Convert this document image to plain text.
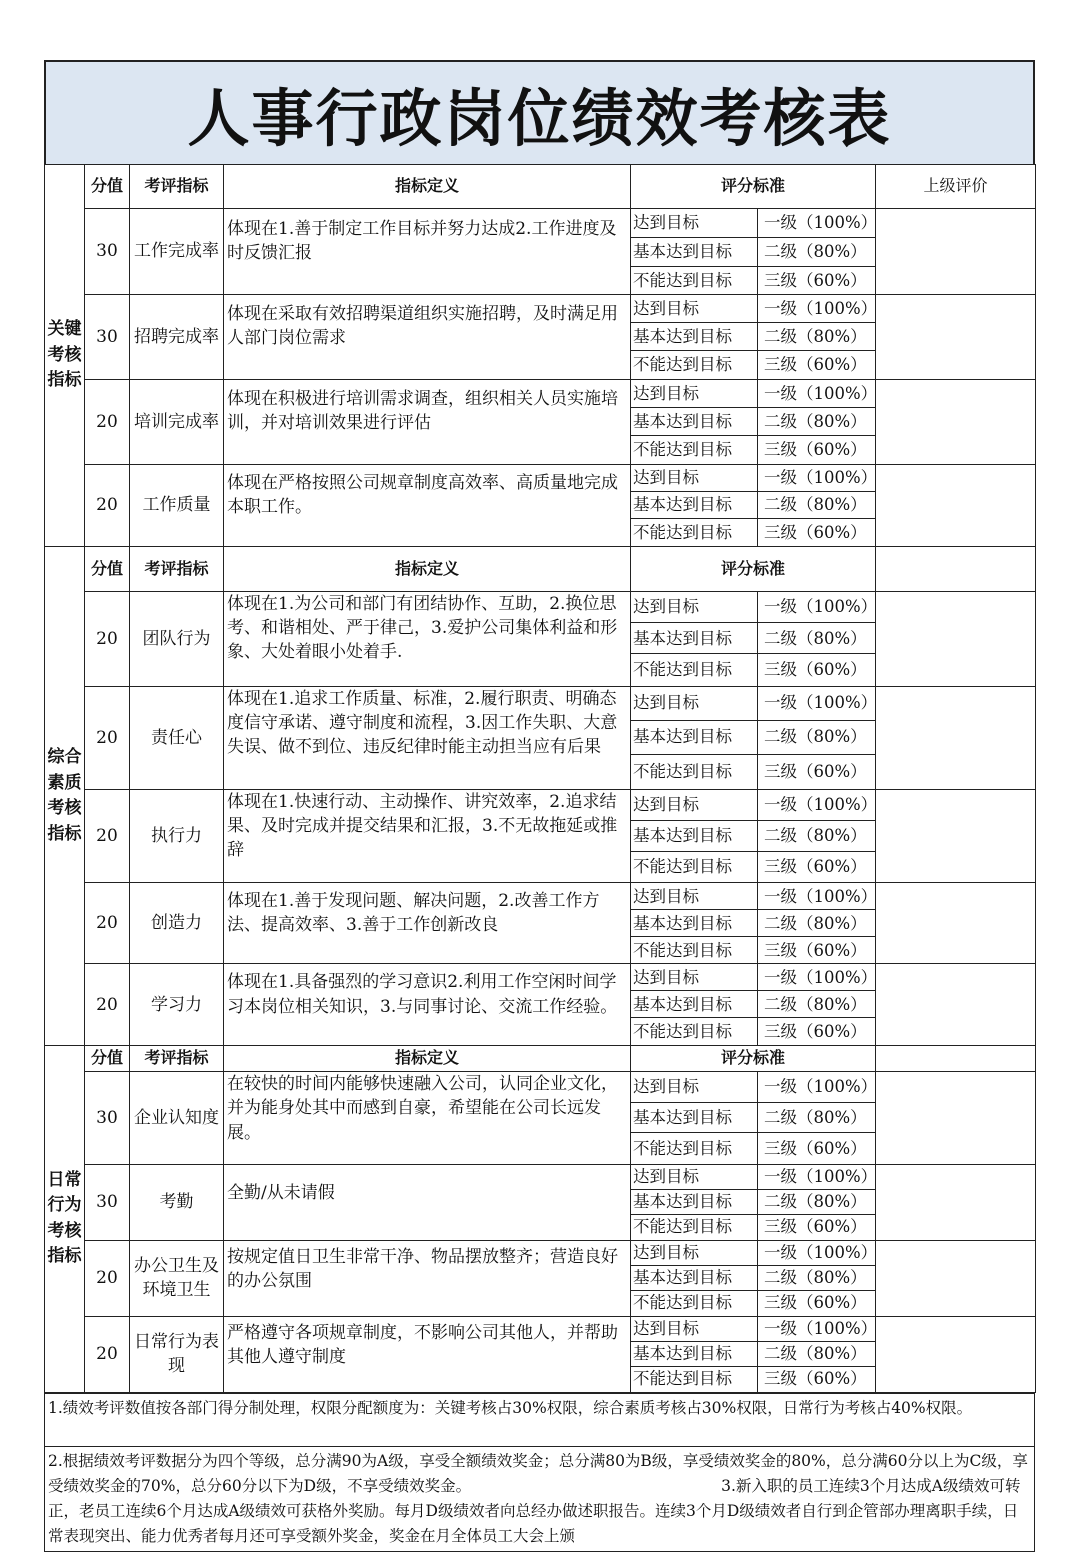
人事行政岗位绩效考核表
关键
考核
指标	分值	考评指标	指标定义	评分标准		上级评价
	30	工作完成率	体现在1.善于制定工作目标并努力达成2.工作进度及时反馈汇报	达到目标	一级（100%）	
				基本达到目标	二级（80%）	
				不能达到目标	三级（60%）	
	30	招聘完成率	体现在采取有效招聘渠道组织实施招聘，及时满足用人部门岗位需求	达到目标	一级（100%）	
				基本达到目标	二级（80%）	
				不能达到目标	三级（60%）	
	20	培训完成率	体现在积极进行培训需求调查，组织相关人员实施培训，并对培训效果进行评估	达到目标	一级（100%）	
				基本达到目标	二级（80%）	
				不能达到目标	三级（60%）	
	20	工作质量	体现在严格按照公司规章制度高效率、高质量地完成本职工作。	达到目标	一级（100%）	
				基本达到目标	二级（80%）	
				不能达到目标	三级（60%）	
综合
素质
考核
指标	分值	考评指标	指标定义	评分标准		
	20	团队行为	体现在1.为公司和部门有团结协作、互助，2.换位思考、和谐相处、严于律己，3.爱护公司集体利益和形象、大处着眼小处着手.	达到目标	一级（100%）	
				基本达到目标	二级（80%）	
				不能达到目标	三级（60%）	
	20	责任心	体现在1.追求工作质量、标准，2.履行职责、明确态度信守承诺、遵守制度和流程，3.因工作失职、大意失误、做不到位、违反纪律时能主动担当应有后果	达到目标	一级（100%）	
				基本达到目标	二级（80%）	
				不能达到目标	三级（60%）	
	20	执行力	体现在1.快速行动、主动操作、讲究效率，2.追求结果、及时完成并提交结果和汇报，3.不无故拖延或推辞	达到目标	一级（100%）	
				基本达到目标	二级（80%）	
				不能达到目标	三级（60%）	
	20	创造力	体现在1.善于发现问题、解决问题，2.改善工作方法、提高效率、3.善于工作创新改良	达到目标	一级（100%）	
				基本达到目标	二级（80%）	
				不能达到目标	三级（60%）	
	20	学习力	体现在1.具备强烈的学习意识2.利用工作空闲时间学习本岗位相关知识，3.与同事讨论、交流工作经验。	达到目标	一级（100%）	
				基本达到目标	二级（80%）	
				不能达到目标	三级（60%）	
日常
行为
考核
指标	分值	考评指标	指标定义	评分标准		
	30	企业认知度	在较快的时间内能够快速融入公司，认同企业文化，并为能身处其中而感到自豪，希望能在公司长远发展。	达到目标	一级（100%）	
				基本达到目标	二级（80%）	
				不能达到目标	三级（60%）	
	30	考勤	全勤/从未请假	达到目标	一级（100%）	
				基本达到目标	二级（80%）	
				不能达到目标	三级（60%）	
	20	办公卫生及环境卫生	按规定值日卫生非常干净、物品摆放整齐；营造良好的办公氛围	达到目标	一级（100%）	
				基本达到目标	二级（80%）	
				不能达到目标	三级（60%）	
	20	日常行为表现	严格遵守各项规章制度，不影响公司其他人，并帮助其他人遵守制度	达到目标	一级（100%）	
				基本达到目标	二级（80%）	
				不能达到目标	三级（60%）	
1.绩效考评数值按各部门得分制处理，权限分配额度为：关键考核占30%权限，综合素质考核占30%权限，日常行为考核占40%权限。
2.根据绩效考评数据分为四个等级，总分满90为A级，享受全额绩效奖金；总分满80为B级，享受绩效奖金的80%，总分满60分以上为C级，享受绩效奖金的70%，总分60分以下为D级，不享受绩效奖金。	3.新入职的员工连续3个月达成A级绩效可转正，老员工连续6个月达成A级绩效可获格外奖励。每月D级绩效者向总经办做述职报告。连续3个月D级绩效者自行到企管部办理离职手续，日常表现突出、能力优秀者每月还可享受额外奖金，奖金在月全体员工大会上颁
